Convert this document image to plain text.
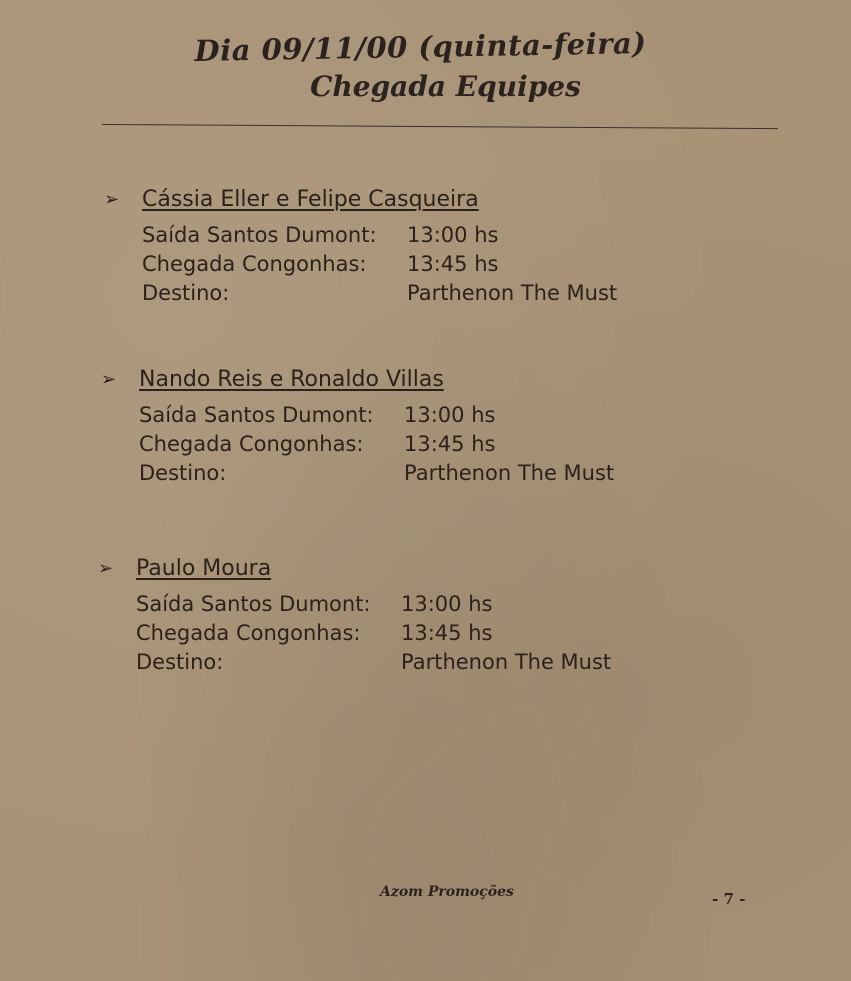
Dia 09/11/00 (quinta-feira)
Chegada Equipes
➢ Cássia Eller e Felipe Casqueira
Saída Santos Dumont:	13:00 hs
Chegada Congonhas:	13:45 hs
Destino:	Parthenon The Must
➢ Nando Reis e Ronaldo Villas
Saída Santos Dumont:	13:00 hs
Chegada Congonhas:	13:45 hs
Destino:	Parthenon The Must
➢ Paulo Moura
Saída Santos Dumont:	13:00 hs
Chegada Congonhas:	13:45 hs
Destino:	Parthenon The Must
Azom Promoções	- 7 -
